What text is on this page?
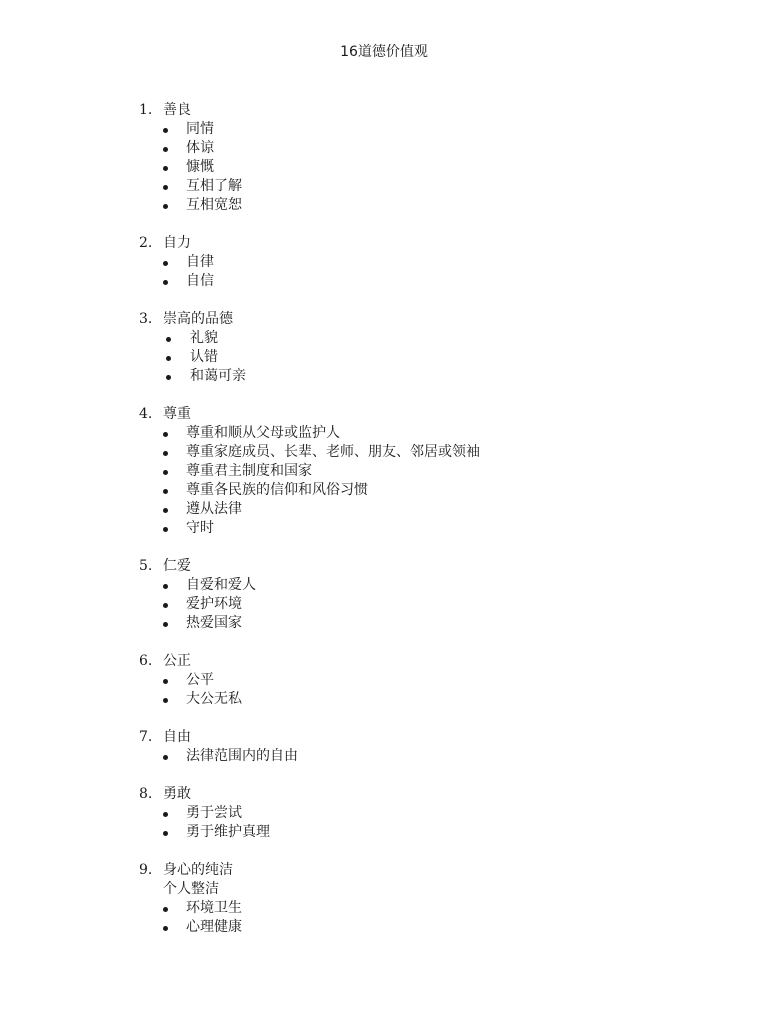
16道德价值观
1. 善良
同情
体谅
慷慨
互相了解
互相宽恕
2. 自力
自律
自信
3. 崇高的品德
礼貌
认错
和蔼可亲
4. 尊重
尊重和顺从父母或监护人
尊重家庭成员、长辈、老师、朋友、邻居或领袖
尊重君主制度和国家
尊重各民族的信仰和风俗习惯
遵从法律
守时
5. 仁爱
自爱和爱人
爱护环境
热爱国家
6. 公正
公平
大公无私
7. 自由
法律范围内的自由
8. 勇敢
勇于尝试
勇于维护真理
9. 身心的纯洁
个人整洁
环境卫生
心理健康
